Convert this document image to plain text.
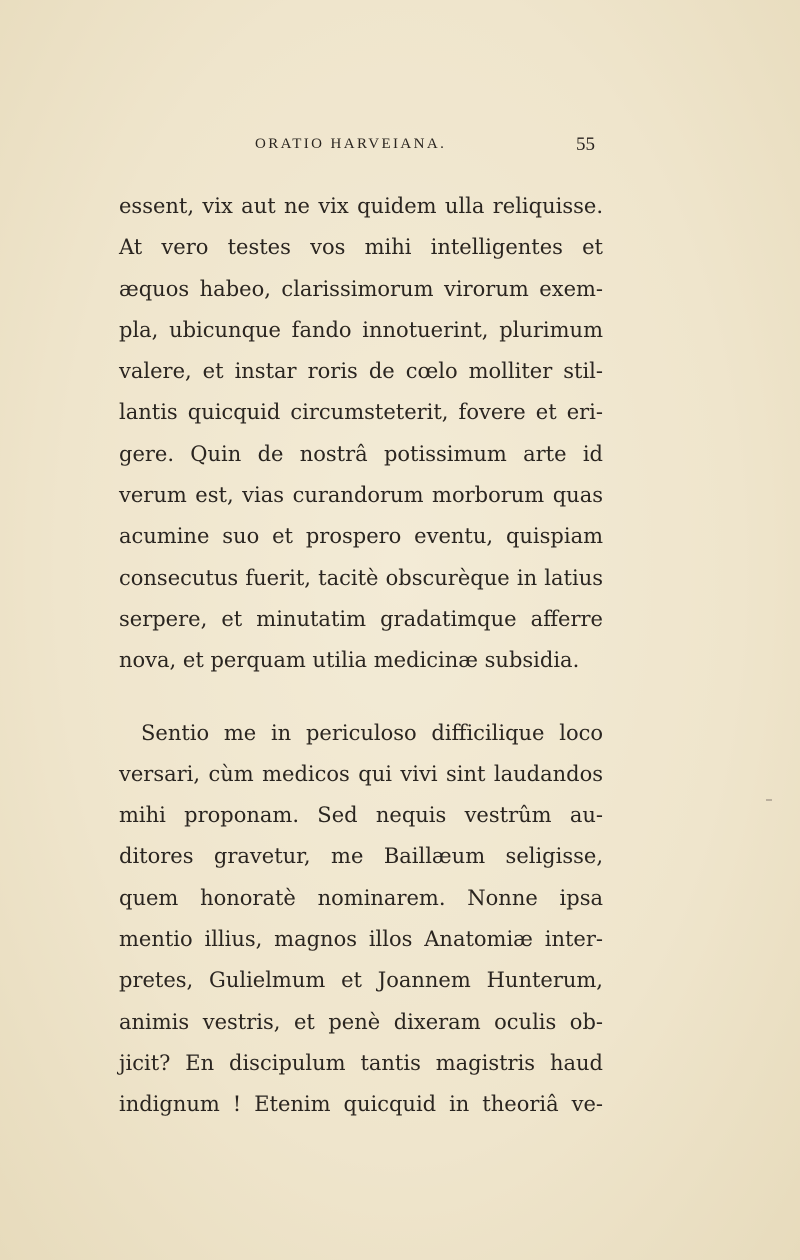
ORATIO HARVEIANA.	55
essent, vix aut ne vix quidem ulla reliquisse.
At vero testes vos mihi intelligentes et
æquos habeo, clarissimorum virorum exem-
pla, ubicunque fando innotuerint, plurimum
valere, et instar roris de cœlo molliter stil-
lantis quicquid circumsteterit, fovere et eri-
gere. Quin de nostrâ potissimum arte id
verum est, vias curandorum morborum quas
acumine suo et prospero eventu, quispiam
consecutus fuerit, tacitè obscurèque in latius
serpere, et minutatim gradatimque afferre
nova, et perquam utilia medicinæ subsidia.
Sentio me in periculoso difficilique loco
versari, cùm medicos qui vivi sint laudandos
mihi proponam. Sed nequis vestrûm au-
ditores gravetur, me Baillæum seligisse,
quem honoratè nominarem. Nonne ipsa
mentio illius, magnos illos Anatomiæ inter-
pretes, Gulielmum et Joannem Hunterum,
animis vestris, et penè dixeram oculis ob-
jicit? En discipulum tantis magistris haud
indignum ! Etenim quicquid in theoriâ ve-
